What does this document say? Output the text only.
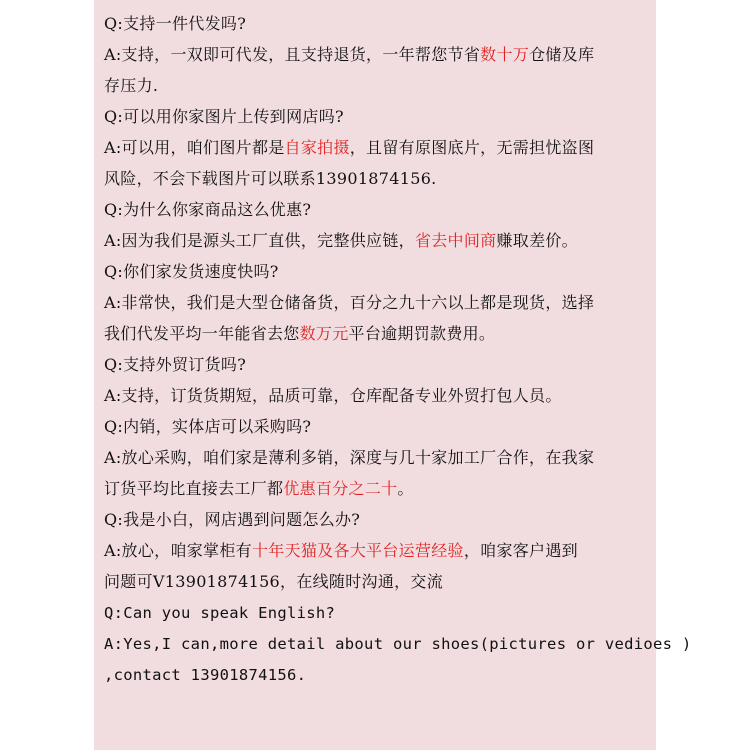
Q:支持一件代发吗?
A:支持，一双即可代发，且支持退货，一年帮您节省数十万仓储及库
存压力.
Q:可以用你家图片上传到网店吗?
A:可以用，咱们图片都是自家拍摄，且留有原图底片，无需担忧盗图
风险，不会下载图片可以联系13901874156.
Q:为什么你家商品这么优惠?
A:因为我们是源头工厂直供，完整供应链，省去中间商赚取差价。
Q:你们家发货速度快吗?
A:非常快，我们是大型仓储备货，百分之九十六以上都是现货，选择
我们代发平均一年能省去您数万元平台逾期罚款费用。
Q:支持外贸订货吗?
A:支持，订货货期短，品质可靠，仓库配备专业外贸打包人员。
Q:内销，实体店可以采购吗?
A:放心采购，咱们家是薄利多销，深度与几十家加工厂合作，在我家
订货平均比直接去工厂都优惠百分之二十。
Q:我是小白，网店遇到问题怎么办?
A:放心，咱家掌柜有十年天猫及各大平台运营经验，咱家客户遇到
问题可V13901874156，在线随时沟通，交流
Q:Can you speak English?
A:Yes,I can,more detail about our shoes(pictures or vedioes )
,contact 13901874156.
